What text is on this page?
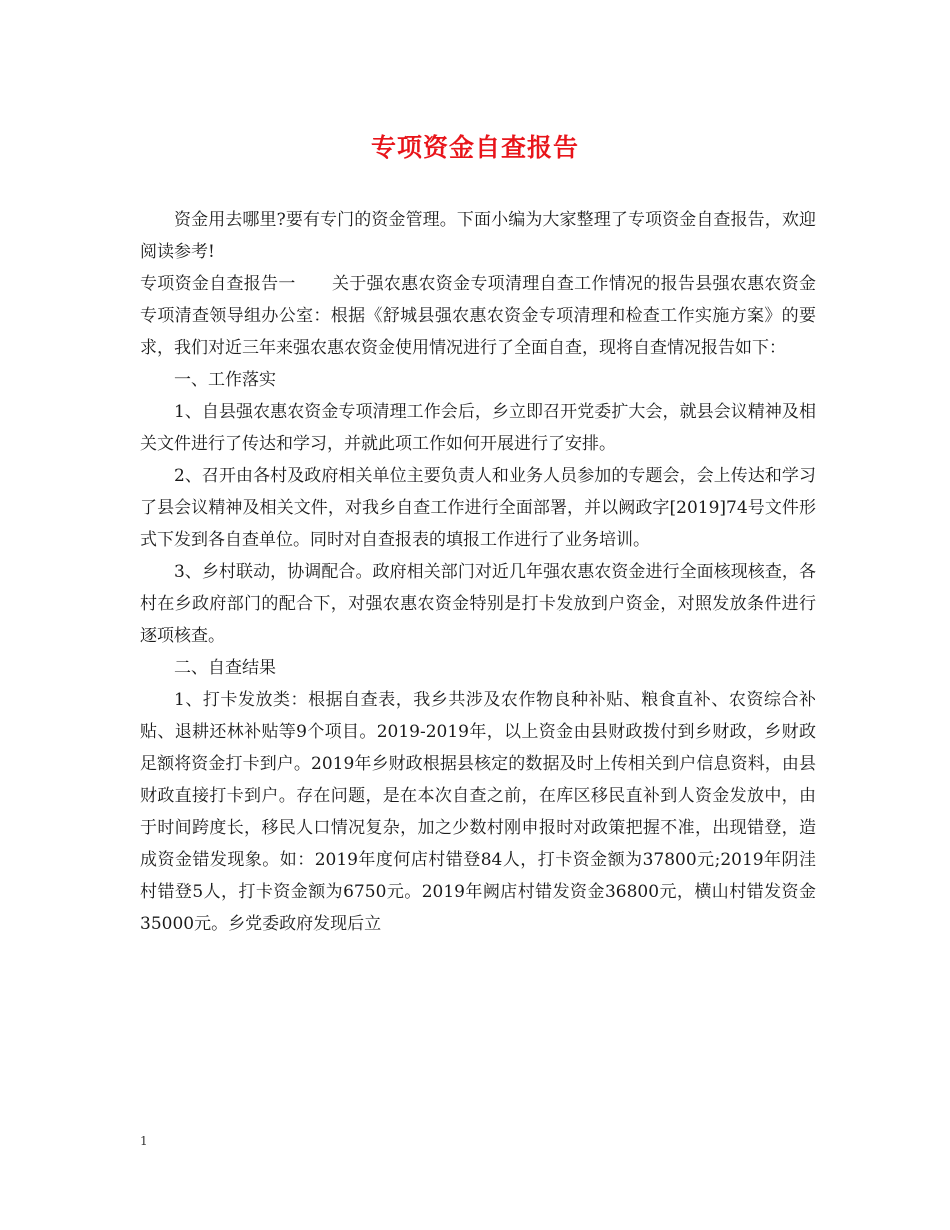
专项资金自查报告

资金用去哪里?要有专门的资金管理。下面小编为大家整理了专项资金自查报告，欢迎阅读参考!

专项资金自查报告一 关于强农惠农资金专项清理自查工作情况的报告县强农惠农资金专项清查领导组办公室：根据《舒城县强农惠农资金专项清理和检查工作实施方案》的要求，我们对近三年来强农惠农资金使用情况进行了全面自查，现将自查情况报告如下：

一、工作落实

1、自县强农惠农资金专项清理工作会后，乡立即召开党委扩大会，就县会议精神及相关文件进行了传达和学习，并就此项工作如何开展进行了安排。

2、召开由各村及政府相关单位主要负责人和业务人员参加的专题会，会上传达和学习了县会议精神及相关文件，对我乡自查工作进行全面部署，并以阙政字[2019]74号文件形式下发到各自查单位。同时对自查报表的填报工作进行了业务培训。

3、乡村联动，协调配合。政府相关部门对近几年强农惠农资金进行全面核现核查，各村在乡政府部门的配合下，对强农惠农资金特别是打卡发放到户资金，对照发放条件进行逐项核查。

二、自查结果

1、打卡发放类：根据自查表，我乡共涉及农作物良种补贴、粮食直补、农资综合补贴、退耕还林补贴等9个项目。2019-2019年，以上资金由县财政拨付到乡财政，乡财政足额将资金打卡到户。2019年乡财政根据县核定的数据及时上传相关到户信息资料，由县财政直接打卡到户。存在问题，是在本次自查之前，在库区移民直补到人资金发放中，由于时间跨度长，移民人口情况复杂，加之少数村刚申报时对政策把握不准，出现错登，造成资金错发现象。如：2019年度何店村错登84人，打卡资金额为37800元;2019年阴洼村错登5人，打卡资金额为6750元。2019年阙店村错发资金36800元，横山村错发资金35000元。乡党委政府发现后立

1
